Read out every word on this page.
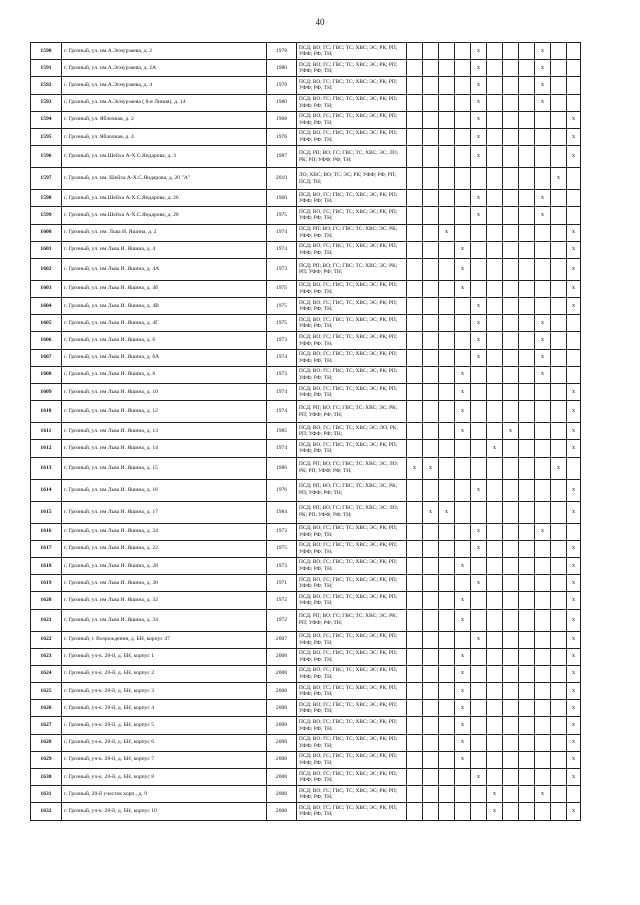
40
1590	г. Грозный, ул. им.А.Эсмурзаева, д. 2	1978	ПСД; ВО; ГС; ГВС; ТС; ХВС; ЭС; РК; РП; УФФ; РФ; ТН;					x				x		
1591	г. Грозный, ул. им.А.Эсмурзаева, д. 2А	1980	ПСД; ВО; ГС; ГВС; ТС; ХВС; ЭС; РК; РП; УФФ; РФ; ТН;					x				x		
1592	г. Грозный, ул. им.А.Эсмурзаева, д. 4	1978	ПСД; ВО; ГС; ГВС; ТС; ХВС; ЭС; РК; РП; УФФ; РФ; ТН;					x				x		
1593	г. Грозный, ул. им.А.Эсмурзаева ( 8-я Линия), д. 14	1980	ПСД; ВО; ГС; ГВС; ТС; ХВС; ЭС; РК; РП; УФФ; РФ; ТН;					x				x		
1594	г. Грозный, ул. Яблочная, д. 2	1968	ПСД; ВО; ГС; ГВС; ТС; ХВС; ЭС; РК; РП; УФФ; РФ; ТН;					x						x
1595	г. Грозный, ул. Яблочная, д. 4	1976	ПСД; ВО; ГС; ГВС; ТС; ХВС; ЭС; РК; РП; УФФ; РФ; ТН;					x						x
1596	г. Грозный, ул. им.Шейха А-Х.С.Яндарова, д. 3	1987	ПСД; РП; ВО; ГС; ГВС; ТС; ХВС; ЭС; ЛО; РК; РП; УФФ; РФ; ТН;					x						x
1597	г. Грозный, ул. им. Шейха А-Х.С.Яндарова, д. 20 "А"	2019	ЛО; ХВС; ВО; ТС; ЭС; РК; УФФ; РФ; РП; ПСД; ТН;										x	
1598	г. Грозный, ул. им.Шейха А-Х.С.Яндарова, д. 26	1960	ПСД; ВО; ГС; ГВС; ТС; ХВС; ЭС; РК; РП; УФФ; РФ; ТН;					x				x		
1599	г. Грозный, ул. им.Шейха А-Х.С.Яндарова, д. 28	1975	ПСД; ВО; ГС; ГВС; ТС; ХВС; ЭС; РК; РП; УФФ; РФ; ТН;					x				x		
1600	г. Грозный, ул. им. Льва И. Яшина, д. 2	1974	ПСД; РП; ВО; ГС; ГВС; ТС; ХВС; ЭС; РК; УФФ; РФ; ТН;			x								x
1601	г. Грозный, ул. им Льва И. Яшина, д. 4	1974	ПСД; ВО; ГС; ГВС; ТС; ХВС; ЭС; РК; РП; УФФ; РФ; ТН;				x							x
1602	г. Грозный, ул. им Льва И. Яшина, д. 4А	1973	ПСД; РП; ВО; ГС; ГВС; ТС; ХВС; ЭС; РК; РП; УФФ; РФ; ТН;				x							x
1603	г. Грозный, ул. им Льва И. Яшина, д. 4б	1975	ПСД; ВО; ГС; ГВС; ТС; ХВС; ЭС; РК; РП; УФФ; РФ; ТН;				x							x
1604	г. Грозный, ул. им Льва И. Яшина, д. 4В	1975	ПСД; ВО; ГС; ГВС; ТС; ХВС; ЭС; РК; РП; УФФ; РФ; ТН;					x						x
1605	г. Грозный, ул. им Льва И. Яшина, д. 4Г	1975	ПСД; ВО; ГС; ГВС; ТС; ХВС; ЭС; РК; РП; УФФ; РФ; ТН;					x				x		
1606	г. Грозный, ул. им Льва И. Яшина, д. 6	1973	ПСД; ВО; ГС; ГВС; ТС; ХВС; ЭС; РК; РП; УФФ; РФ; ТН;					x				x		
1607	г. Грозный, ул. им Льва И. Яшина, д. 6А	1974	ПСД; ВО; ГС; ГВС; ТС; ХВС; ЭС; РК; РП; УФФ; РФ; ТН;					x				x		
1608	г. Грозный, ул. им Льва И. Яшина, д. 8	1973	ПСД; ВО; ГС; ГВС; ТС; ХВС; ЭС; РК; РП; УФФ; РФ; ТН;				x					x		
1609	г. Грозный, ул. им Льва И. Яшина, д. 10	1974	ПСД; ВО; ГС; ГВС; ТС; ХВС; ЭС; РК; РП; УФФ; РФ; ТН;				x							x
1610	г. Грозный, ул. им Льва И. Яшина, д. 12	1974	ПСД; РП; ВО; ГС; ГВС; ТС; ХВС; ЭС; РК; РП; УФФ; РФ; ТН;				x							x
1611	г. Грозный, ул. им Льва И. Яшина, д. 13	1985	ПСД; ВО; ГС; ГВС; ТС; ХВС; ЭС; ЛО; РК; РП; УФФ; РФ; ТН;				x			x				x
1612	г. Грозный, ул. им Льва И. Яшина, д. 14	1974	ПСД; ВО; ГС; ГВС; ТС; ХВС; ЭС; РК; РП; УФФ; РФ; ТН;						x					x
1613	г. Грозный, ул. им Льва И. Яшина, д. 15	1986	ПСД; РП; ВО; ГС; ГВС; ТС; ХВС; ЭС; ЛО; РК; РП; УФФ; РФ; ТН;	x	x								x	
1614	г. Грозный, ул. им Льва И. Яшина, д. 16	1976	ПСД; РП; ВО; ГС; ГВС; ТС; ХВС; ЭС; РК; РП; УФФ; РФ; ТН;					x						x
1615	г. Грозный, ул. им Льва И. Яшина, д. 17	1984	ПСД; РП; ВО; ГС; ГВС; ТС; ХВС; ЭС; ЛО; РК; РП; УФФ; РФ; ТН;		x	x								x
1616	г. Грозный, ул. им Льва И. Яшина, д. 24	1973	ПСД; ВО; ГС; ГВС; ТС; ХВС; ЭС; РК; РП; УФФ; РФ; ТН;					x				x		
1617	г. Грозный, ул. им Льва И. Яшина, д. 22	1975	ПСД; ВО; ГС; ГВС; ТС; ХВС; ЭС; РК; РП; УФФ; РФ; ТН;					x						x
1618	г. Грозный, ул. им Льва И. Яшина, д. 28	1973	ПСД; ВО; ГС; ГВС; ТС; ХВС; ЭС; РК; РП; УФФ; РФ; ТН;				x							x
1619	г. Грозный, ул. им Льва И. Яшина, д. 30	1971	ПСД; ВО; ГС; ГВС; ТС; ХВС; ЭС; РК; РП; УФФ; РФ; ТН;					x						x
1620	г. Грозный, ул. им Льва И. Яшина, д. 32	1972	ПСД; ВО; ГС; ГВС; ТС; ХВС; ЭС; РК; РП; УФФ; РФ; ТН;				x							x
1621	г. Грозный, ул. им Льва И. Яшина, д. 34	1972	ПСД; РП; ВО; ГС; ГВС; ТС; ХВС; ЭС; РК; РП; УФФ; РФ; ТН;				x							x
1622	г. Грозный, г. Возрождения, д. БН, корпус 47	2007	ПСД; ВО; ГС; ГВС; ТС; ХВС; ЭС; РК; РП; УФФ; РФ; ТН;					x						x
1623	г. Грозный, уч-к. 20-й, д. БН, корпус 1	2008	ПСД; ВО; ГС; ГВС; ТС; ХВС; ЭС; РК; РП; УФФ; РФ; ТН;				x							x
1624	г. Грозный, уч-к. 20-й, д. БН, корпус 2	2008	ПСД; ВО; ГС; ГВС; ТС; ХВС; ЭС; РК; РП; УФФ; РФ; ТН;				x							x
1625	г. Грозный, уч-к. 20-й, д. БН, корпус 3	2008	ПСД; ВО; ГС; ГВС; ТС; ХВС; ЭС; РК; РП; УФФ; РФ; ТН;				x							x
1626	г. Грозный, уч-к. 20-й, д. БН, корпус 4	2008	ПСД; ВО; ГС; ГВС; ТС; ХВС; ЭС; РК; РП; УФФ; РФ; ТН;				x							x
1627	г. Грозный, уч-к. 20-й, д. БН, корпус 5	2008	ПСД; ВО; ГС; ГВС; ТС; ХВС; ЭС; РК; РП; УФФ; РФ; ТН;				x							x
1628	г. Грозный, уч-к. 20-й, д. БН, корпус 6	2008	ПСД; ВО; ГС; ГВС; ТС; ХВС; ЭС; РК; РП; УФФ; РФ; ТН;				x							x
1629	г. Грозный, уч-к. 20-й, д. БН, корпус 7	2008	ПСД; ВО; ГС; ГВС; ТС; ХВС; ЭС; РК; РП; УФФ; РФ; ТН;				x							x
1630	г. Грозный, уч-к. 20-й, д. БН, корпус 8	2008	ПСД; ВО; ГС; ГВС; ТС; ХВС; ЭС; РК; РП; УФФ; РФ; ТН;					x						x
1631	г. Грозный, 20-й участок корп., д. 9	2008	ПСД; ВО; ГС; ГВС; ТС; ХВС; ЭС; РК; РП; УФФ; РФ; ТН;						x			x		
1632	г. Грозный, уч-к. 20-й, д. БН, корпус 10	2008	ПСД; ВО; ГС; ГВС; ТС; ХВС; ЭС; РК; РП; УФФ; РФ; ТН;						x					x
